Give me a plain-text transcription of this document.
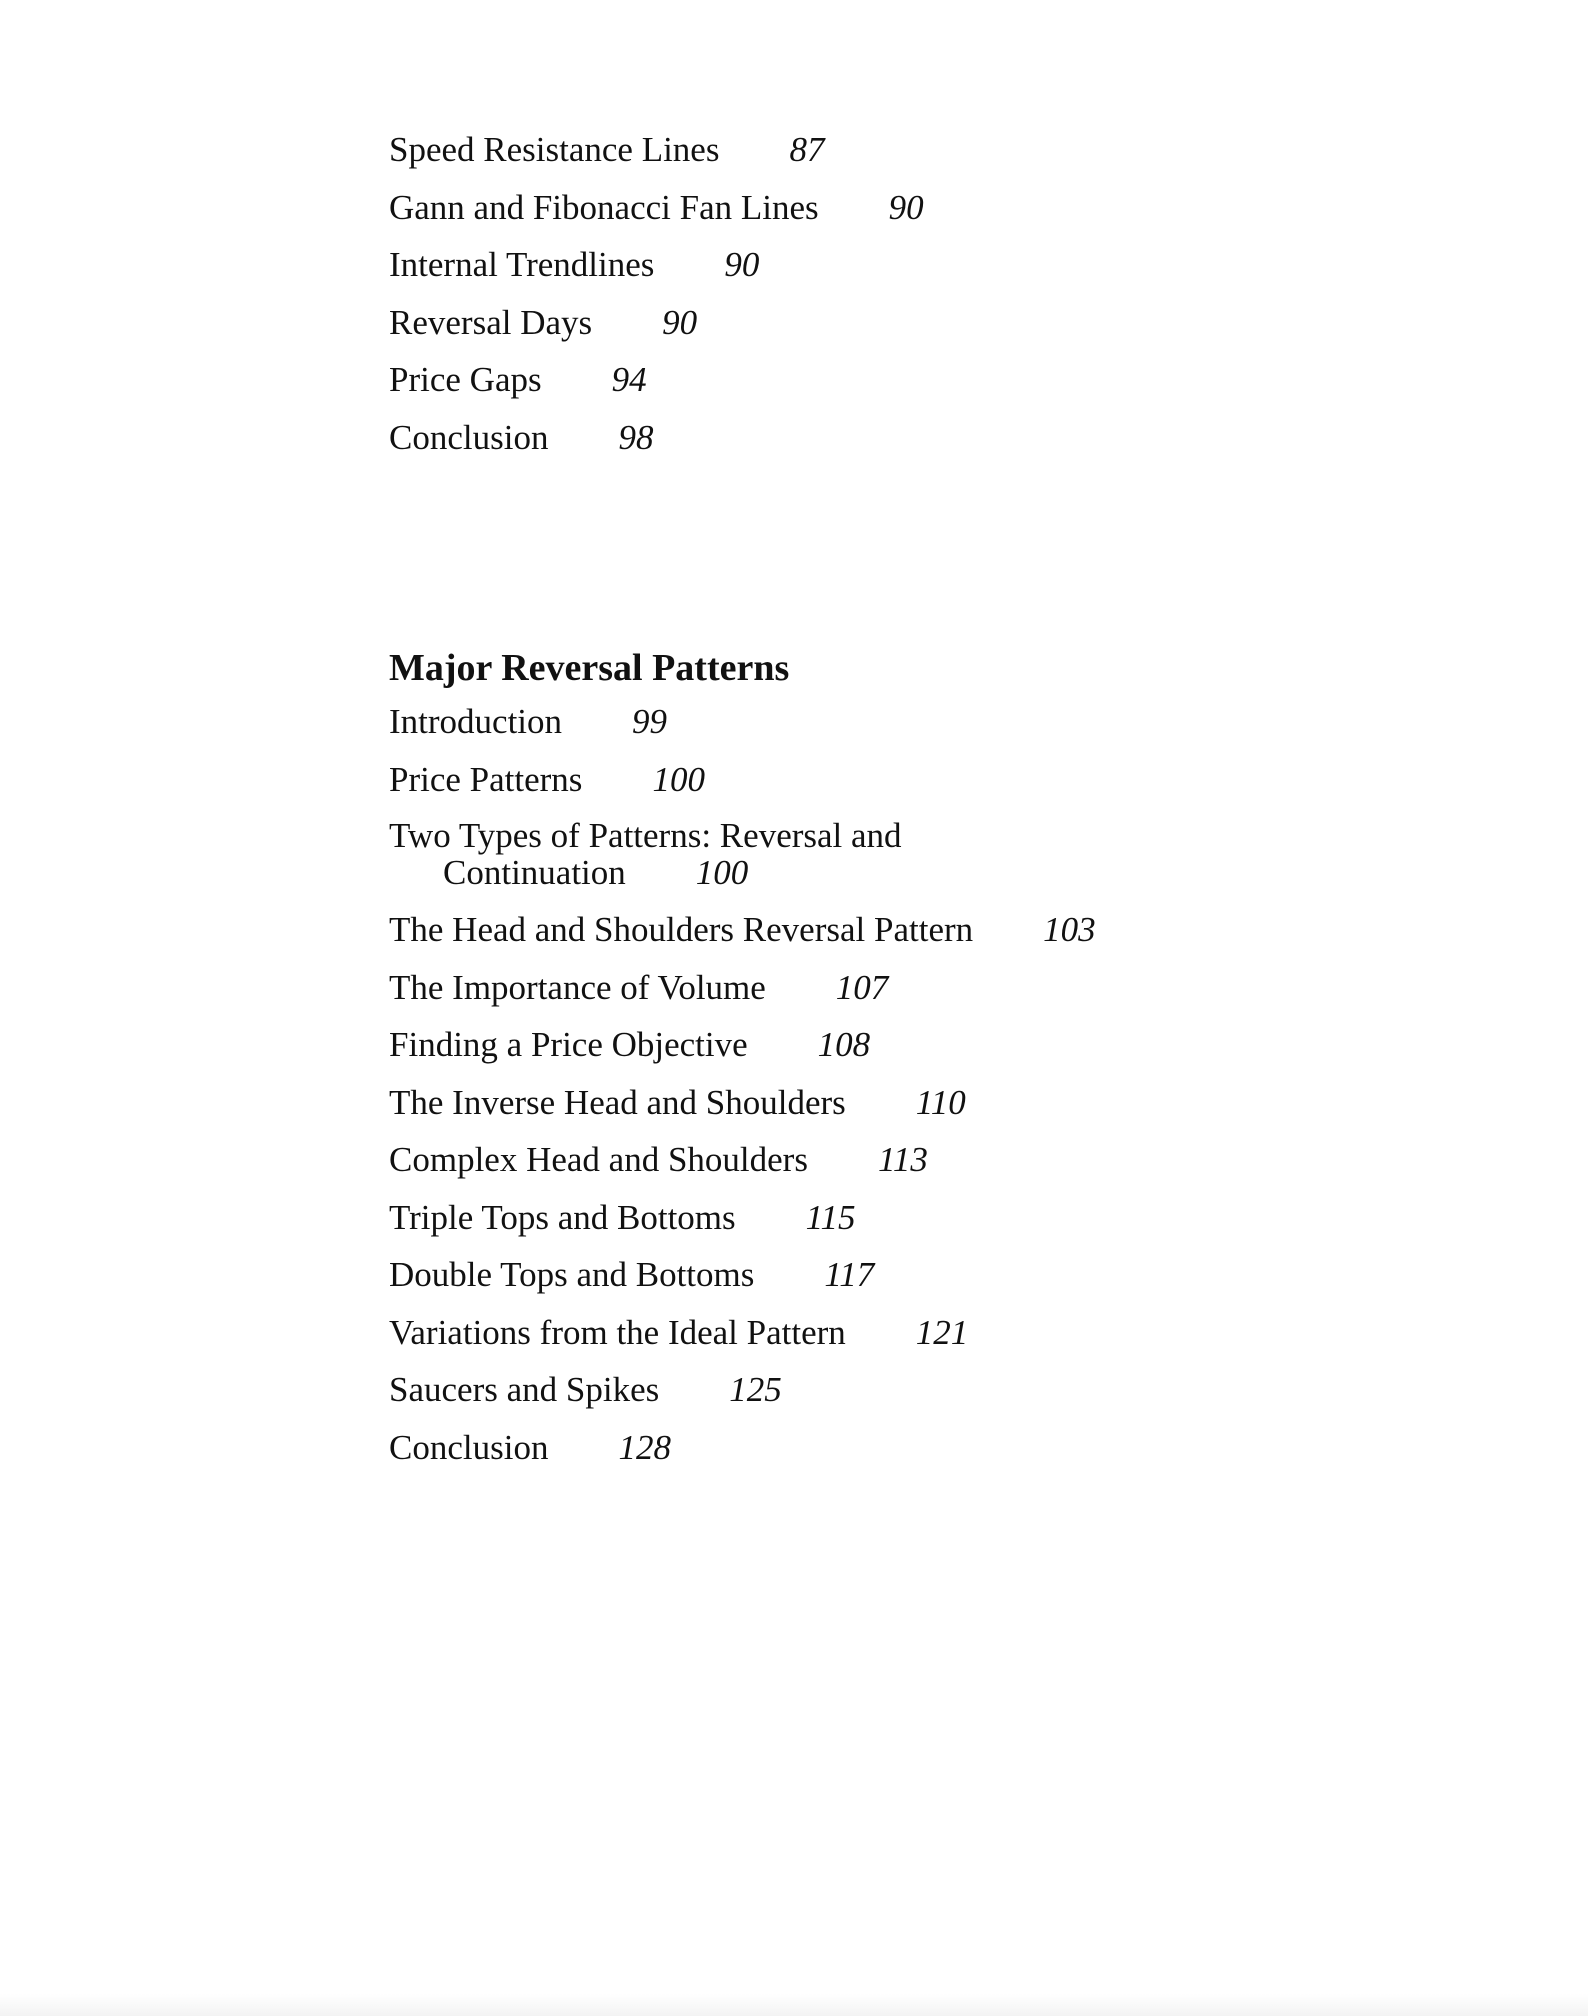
Speed Resistance Lines 87
Gann and Fibonacci Fan Lines 90
Internal Trendlines 90
Reversal Days 90
Price Gaps 94
Conclusion 98
Major Reversal Patterns
Introduction 99
Price Patterns 100
Two Types of Patterns: Reversal and Continuation 100
The Head and Shoulders Reversal Pattern 103
The Importance of Volume 107
Finding a Price Objective 108
The Inverse Head and Shoulders 110
Complex Head and Shoulders 113
Triple Tops and Bottoms 115
Double Tops and Bottoms 117
Variations from the Ideal Pattern 121
Saucers and Spikes 125
Conclusion 128
